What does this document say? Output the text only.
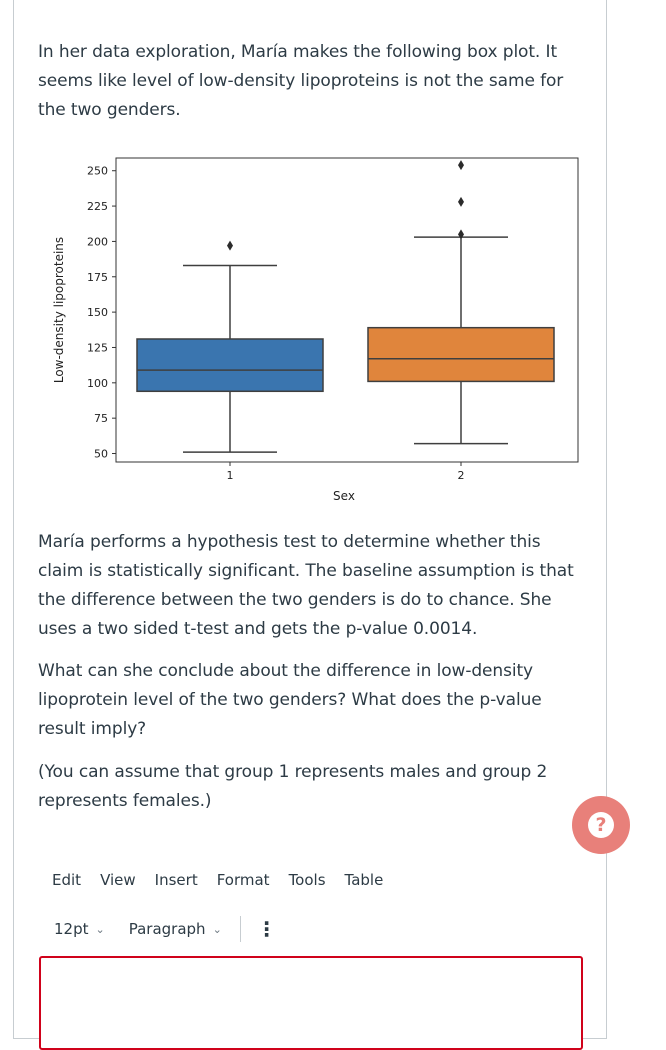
In her data exploration, María makes the following box plot. It seems like level of low-density lipoproteins is not the same for the two genders.

50
75
100
125
150
175
200
225
250
Low-density lipoproteins
Sex
1	2

María performs a hypothesis test to determine whether this claim is statistically significant. The baseline assumption is that the difference between the two genders is do to chance. She uses a two sided t-test and gets the p-value 0.0014.

What can she conclude about the difference in low-density lipoprotein level of the two genders? What does the p-value result imply?

(You can assume that group 1 represents males and group 2 represents females.)

Edit View Insert Format Tools Table
12pt ⌄ Paragraph ⌄ ⋮
?
